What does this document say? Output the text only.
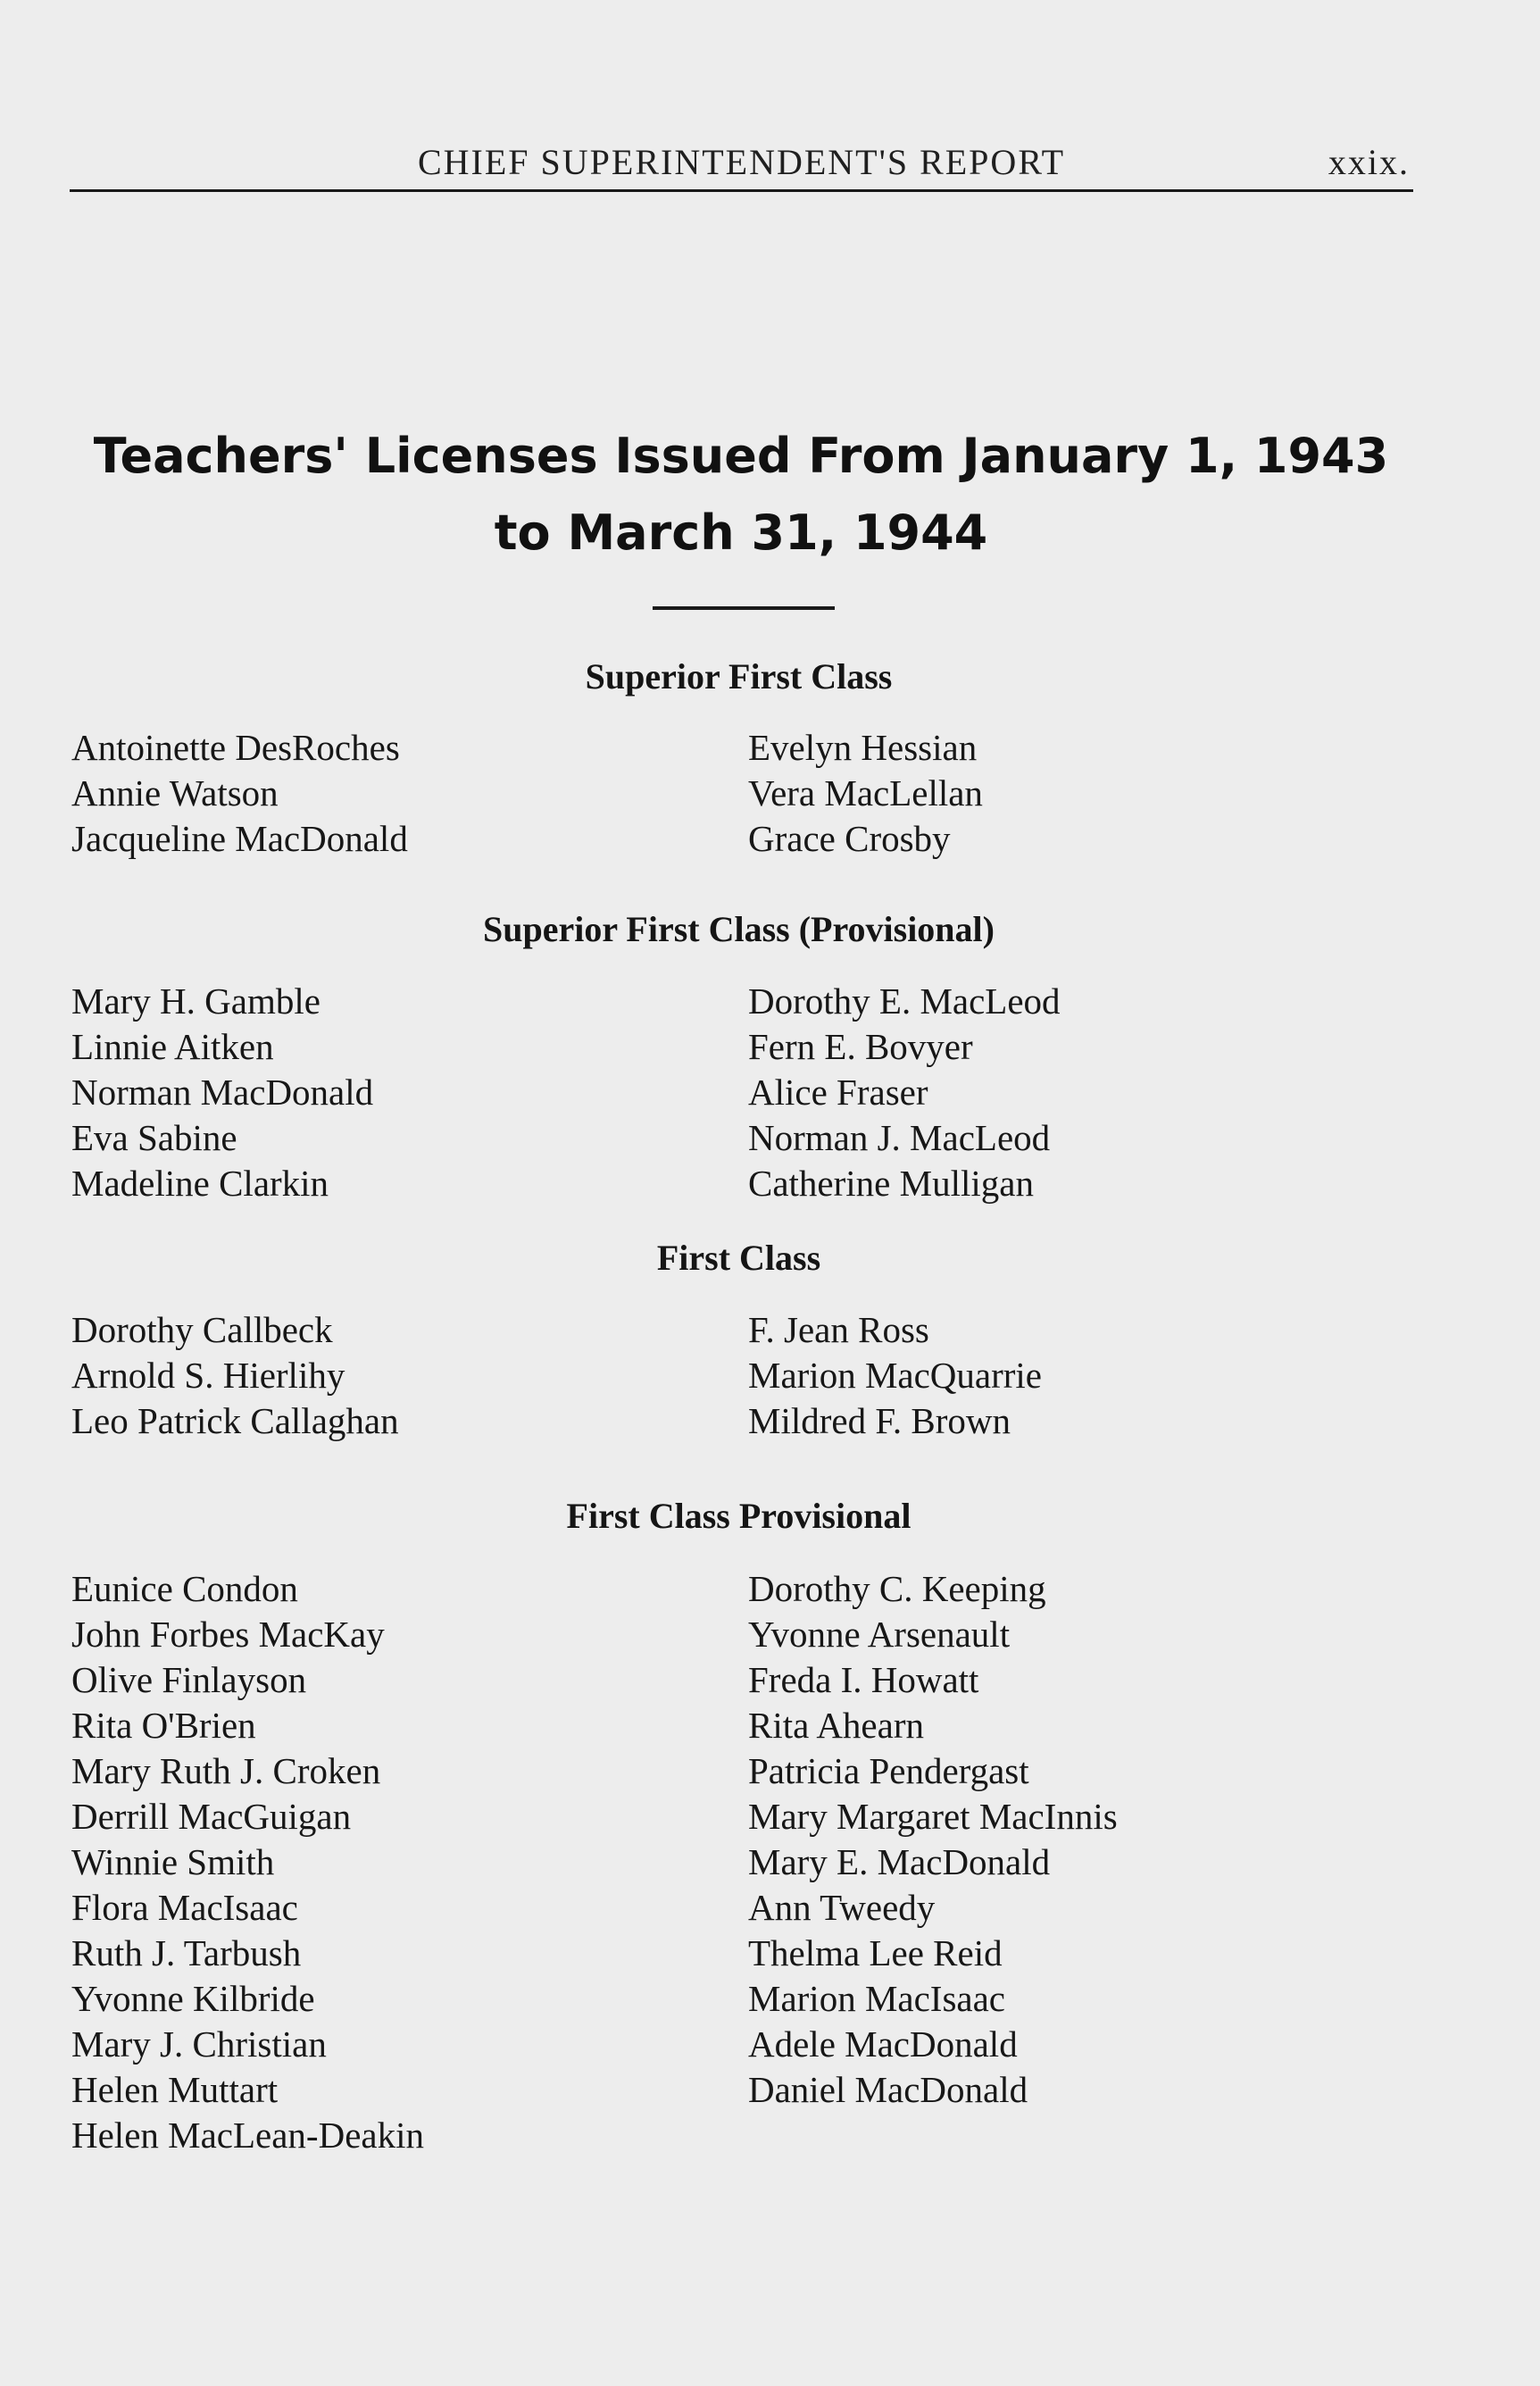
CHIEF SUPERINTENDENT'S REPORT	xxix.
Teachers' Licenses Issued From January 1, 1943
to March 31, 1944
Superior First Class
Antoinette DesRoches
Annie Watson
Jacqueline MacDonald
Evelyn Hessian
Vera MacLellan
Grace Crosby
Superior First Class (Provisional)
Mary H. Gamble
Linnie Aitken
Norman MacDonald
Eva Sabine
Madeline Clarkin
Dorothy E. MacLeod
Fern E. Bovyer
Alice Fraser
Norman J. MacLeod
Catherine Mulligan
First Class
Dorothy Callbeck
Arnold S. Hierlihy
Leo Patrick Callaghan
F. Jean Ross
Marion MacQuarrie
Mildred F. Brown
First Class Provisional
Eunice Condon
John Forbes MacKay
Olive Finlayson
Rita O'Brien
Mary Ruth J. Croken
Derrill MacGuigan
Winnie Smith
Flora MacIsaac
Ruth J. Tarbush
Yvonne Kilbride
Mary J. Christian
Helen Muttart
Helen MacLean-Deakin
Dorothy C. Keeping
Yvonne Arsenault
Freda I. Howatt
Rita Ahearn
Patricia Pendergast
Mary Margaret MacInnis
Mary E. MacDonald
Ann Tweedy
Thelma Lee Reid
Marion MacIsaac
Adele MacDonald
Daniel MacDonald
